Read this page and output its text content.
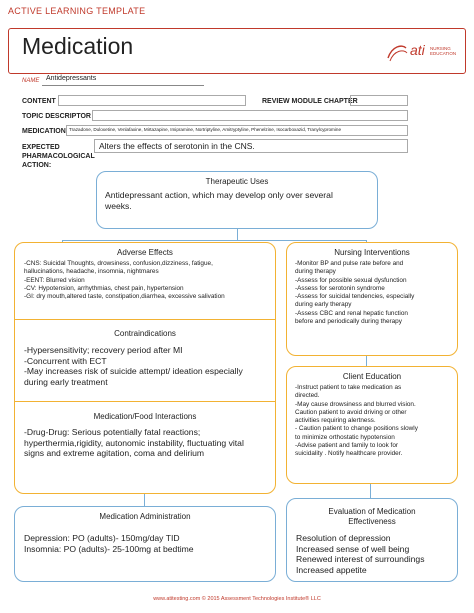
ACTIVE LEARNING TEMPLATE
Medication	ati NURSING
EDUCATION
NAME Antidepressants
CONTENT	REVIEW MODULE CHAPTER
TOPIC DESCRIPTOR
MEDICATION Trazadone, Duloxetine, Venlafaxine, Mirtazapine, Imipramine, Nortriptyline, Amitryptyline, Phenelzine, Isocarboxazid, Tranylcypromine
EXPECTED
PHARMACOLOGICAL
ACTION:
Alters the effects of serotonin in the CNS.
Therapeutic Uses
Antidepressant action, which may develop only over several
weeks.
Adverse Effects
-CNS: Suicidal Thoughts, drowsiness, confusion,dizziness, fatigue,
hallucinations, headache, insomnia, nightmares
-EENT: Blurred vision
-CV: Hypotension, arrhythmias, chest pain, hypertension
-GI: dry mouth,altered taste, constipation,diarrhea, excessive salivation
Contraindications
-Hypersensitivity; recovery period after MI
-Concurrent with ECT
-May increases risk of suicide attempt/ ideation especially
during early treatment
Medication/Food Interactions
-Drug-Drug: Serious potentially fatal reactions;
hyperthermia,rigidity, autonomic instability, fluctuating vital
signs and extreme agitation, coma and delirium
Nursing Interventions
-Monitor BP and pulse rate before and
during therapy
-Assess for possible sexual dysfunction
-Assess for serotonin syndrome
-Assess for suicidal tendencies, especially
during early therapy
-Assess CBC and renal hepatic function
before and periodically during therapy
Client Education
-Instruct patient to take medication as
directed.
-May cause drowsiness and blurred vision.
Caution patient to avoid driving or other
activities requiring alertness.
- Caution patient to change positions slowly
to minimize orthostatic hypotension
-Advise patient and family to look for
suicidality . Notify healthcare provider.
Medication Administration
Depression: PO (adults)- 150mg/day TID
Insomnia: PO (adults)- 25-100mg at bedtime
Evaluation of Medication
Effectiveness
Resolution of depression
Increased sense of well being
Renewed interest of surroundings
Increased appetite
www.atitesting.com © 2015 Assessment Technologies Institute® LLC
